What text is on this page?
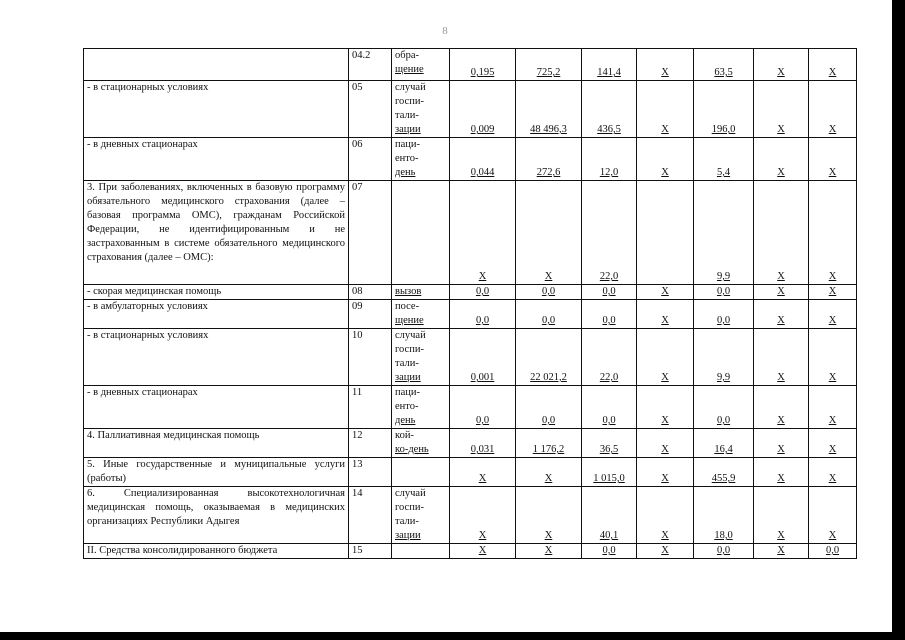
8
	04.2	обра-
щение	0,195	725,2	141,4	X	63,5	X	X
- в стационарных условиях	05	случай
госпи-
тали-
зации	0,009	48 496,3	436,5	X	196,0	X	X
- в дневных стационарах	06	паци-
енто-
день	0,044	272,6	12,0	X	5,4	X	X
3. При заболеваниях, включенных в базовую программу обязательного медицинского страхования (далее – базовая программа ОМС), гражданам Российской Федерации, не идентифицированным и не застрахованным в системе обязательного медицинского страхования (далее – ОМС):	07		X	X	22,0		9,9	X	X
- скорая медицинская помощь	08	вызов	0,0	0,0	0,0	X	0,0	X	X
- в амбулаторных условиях	09	посе-
щение	0,0	0,0	0,0	X	0,0	X	X
- в стационарных условиях	10	случай
госпи-
тали-
зации	0,001	22 021,2	22,0	X	9,9	X	X
- в дневных стационарах	11	паци-
енто-
день	0,0	0,0	0,0	X	0,0	X	X
4. Паллиативная медицинская помощь	12	кой-
ко-день	0,031	1 176,2	36,5	X	16,4	X	X
5. Иные государственные и муниципальные услуги (работы)	13		X	X	1 015,0	X	455,9	X	X
6. Специализированная высокотехнологичная медицинская помощь, оказываемая в медицинских организациях Республики Адыгея	14	случай
госпи-
тали-
зации	X	X	40,1	X	18,0	X	X
II. Средства консолидированного бюджета	15		X	X	0,0	X	0,0	X	0,0
